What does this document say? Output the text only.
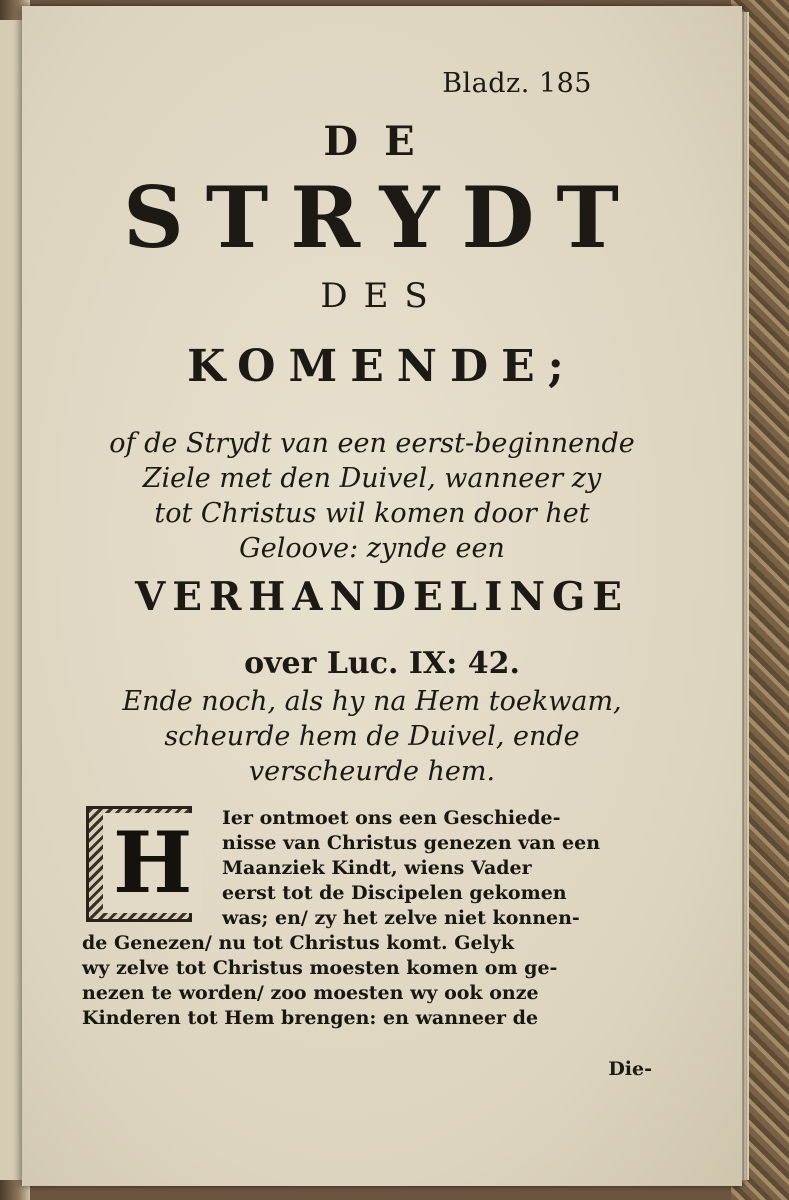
Bladz. 185
DE
STRYDT
DES
KOMENDE;
of de Strydt van een eerst-beginnende
Ziele met den Duivel, wanneer zy
tot Christus wil komen door het
Geloove: zynde een
VERHANDELINGE
over Luc. IX: 42.
Ende noch, als hy na Hem toekwam,
scheurde hem de Duivel, ende
verscheurde hem.
H	Ier ontmoet ons een Geschiede-
nisse van Christus genezen van een
Maanziek Kindt, wiens Vader
eerst tot de Discipelen gekomen
was; en/ zy het zelve niet konnen-
de Genezen/ nu tot Christus komt. Gelyk
wy zelve tot Christus moesten komen om ge-
nezen te worden/ zoo moesten wy ook onze
Kinderen tot Hem brengen: en wanneer de
Die-
